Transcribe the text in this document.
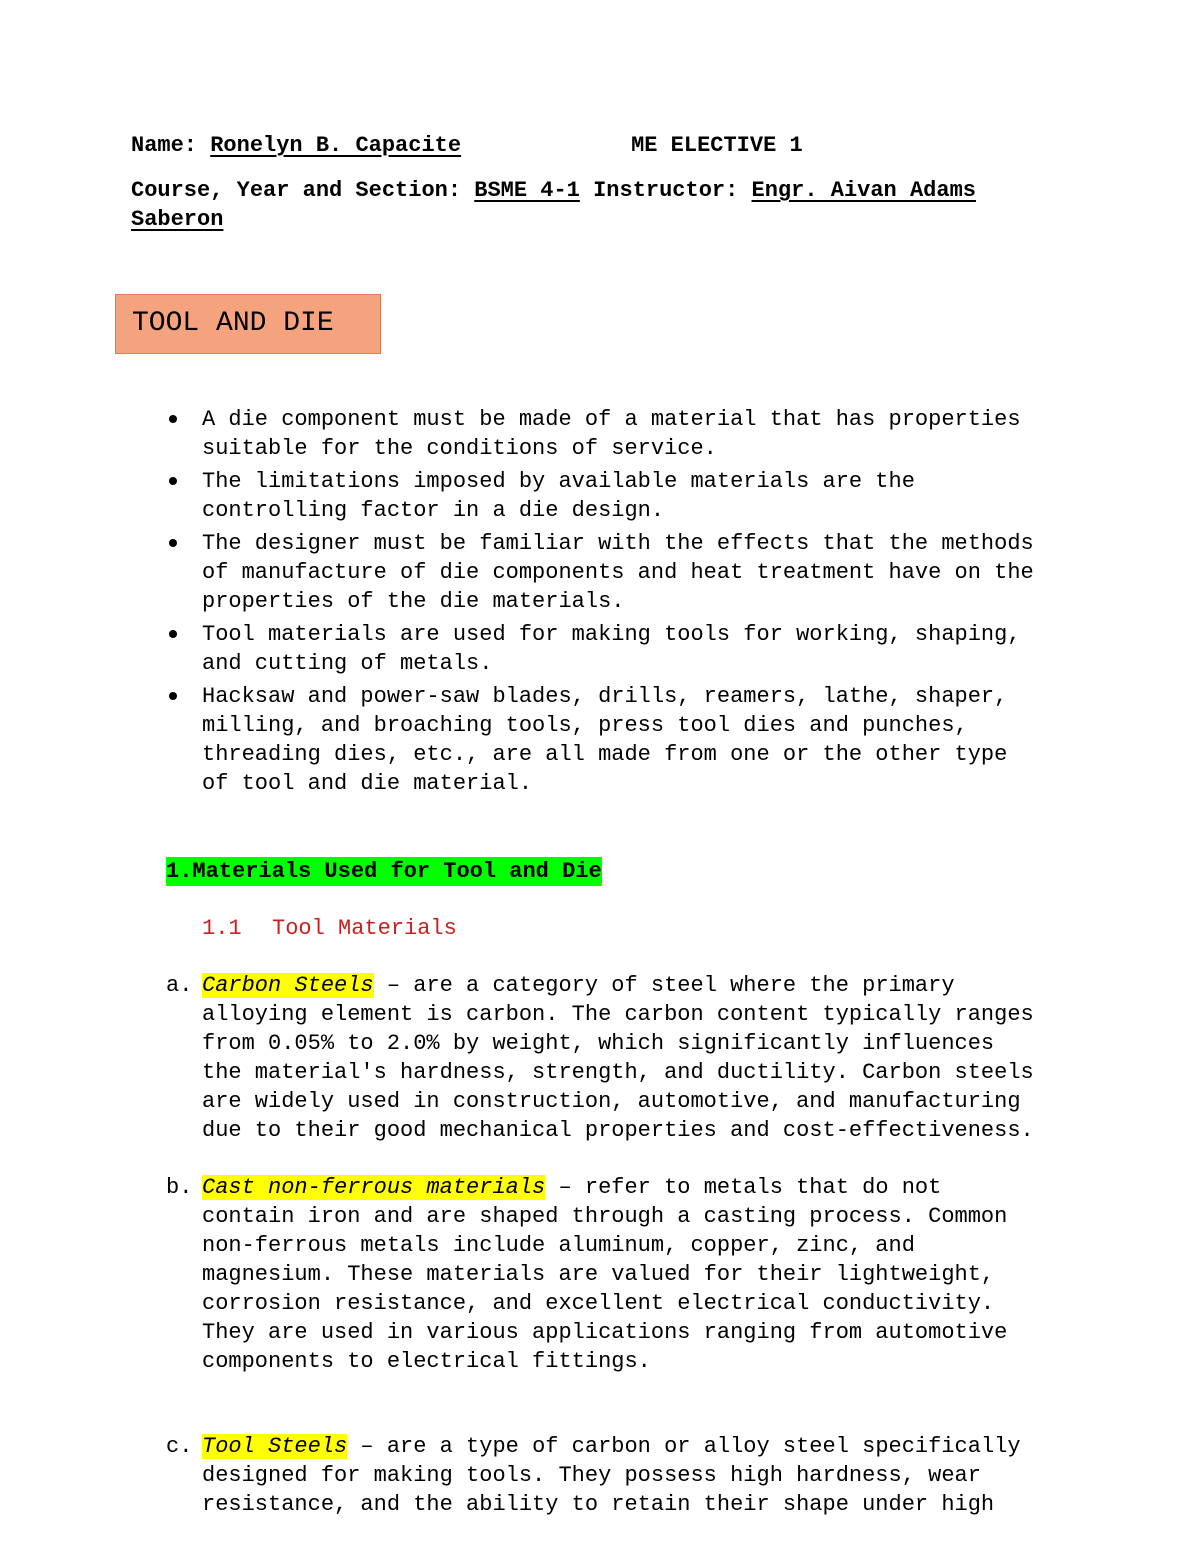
Name: Ronelyn B. Capacite	ME ELECTIVE 1
Course, Year and Section: BSME 4-1 Instructor: Engr. Aivan Adams
Saberon
TOOL AND DIE
A die component must be made of a material that has properties
suitable for the conditions of service.
The limitations imposed by available materials are the
controlling factor in a die design.
The designer must be familiar with the effects that the methods
of manufacture of die components and heat treatment have on the
properties of the die materials.
Tool materials are used for making tools for working, shaping,
and cutting of metals.
Hacksaw and power-saw blades, drills, reamers, lathe, shaper,
milling, and broaching tools, press tool dies and punches,
threading dies, etc., are all made from one or the other type
of tool and die material.
1.Materials Used for Tool and Die
1.1 Tool Materials
a. Carbon Steels – are a category of steel where the primary
alloying element is carbon. The carbon content typically ranges
from 0.05% to 2.0% by weight, which significantly influences
the material's hardness, strength, and ductility. Carbon steels
are widely used in construction, automotive, and manufacturing
due to their good mechanical properties and cost-effectiveness.
b. Cast non-ferrous materials – refer to metals that do not
contain iron and are shaped through a casting process. Common
non-ferrous metals include aluminum, copper, zinc, and
magnesium. These materials are valued for their lightweight,
corrosion resistance, and excellent electrical conductivity.
They are used in various applications ranging from automotive
components to electrical fittings.
c. Tool Steels – are a type of carbon or alloy steel specifically
designed for making tools. They possess high hardness, wear
resistance, and the ability to retain their shape under high
